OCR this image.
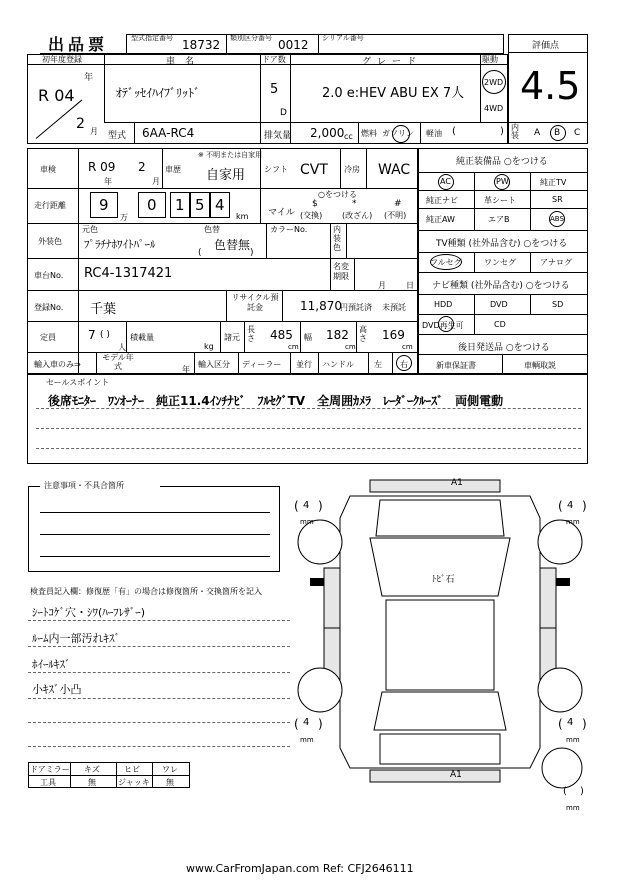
出品票	型式指定番号 18732 類別区分番号 0012 シリアル番号
評価点
4.5
初年度登録
年
R 04
2 月
車名
ｵﾃﾞｯｾｲﾊｲﾌﾞﾘｯﾄﾞ
ドア数
5
D
グレード
2.0 e:HEV ABU EX 7人
駆動
2WD
4WD
型式 6AA-RC4	排気量 2,000 cc 燃料 ガソリン 軽油 (	) 内装	A B C
車検	R 09
年
2
月
車歴
※ 不明または自家用
自家用 シフト CVT 冷房 WAC
走行距離 9
万
0 1 5 4
km
○をつける
マイル
$
(交換)
*
(改ざん)
#
(不明)
外装色
元色
ﾌﾟﾗﾁﾅﾎﾜｲﾄﾊﾟｰﾙ
色替
色替無
(	)
カラーNo.	内装色
車台No. RC4-1317421	名変期限
月	日
登録No. 千葉
リサイクル預託金	11,870
円預託済 未預託
定員	7 ( )
人
積載量
kg
諸元
長さ 485
cm
幅 182
cm
高さ 169
cm
輸入車のみ⇒
モデル年式	年
輸入区分 ディーラー 並行 ハンドル	左 右
純正装備品 ○をつける
AC	PW	純正TV
純正ナビ	革シート	SR
純正AW	エアB	ABS
TV種類 (社外品含む) ○をつける
フルセグ	ワンセグ	アナログ
ナビ種類 (社外品含む) ○をつける
HDD	DVD	SD
DVD再生可	CD
後日発送品 ○をつける
新車保証書	車輌取説
セールスポイント
後席ﾓﾆﾀｰ　ﾜﾝｵｰﾅｰ　純正11.4ｲﾝﾁﾅﾋﾞ　ﾌﾙｾｸﾞTV　全周囲ｶﾒﾗ　ﾚｰﾀﾞｰｸﾙｰｽﾞ　両側電動
注意事項・不具合箇所
検査員記入欄：修復歴「有」の場合は修復箇所・交換箇所を記入
ｼｰﾄｺｹﾞ穴・ｼﾜ(ﾊｰﾌﾚｻﾞｰ)
ﾙｰﾑ内一部汚れｷｽﾞ
ﾎｲｰﾙｷｽﾞ
小ｷｽﾞ小凸
ドアミラー キズ	ヒビ	ワレ
工具	無	ジャッキ 無
( )	( )
( )	( )
A1
A1
ﾄﾋﾞ石
4
mm
4
mm
4
mm
4
mm
( )
mm
www.CarFromJapan.com Ref: CFJ2646111
